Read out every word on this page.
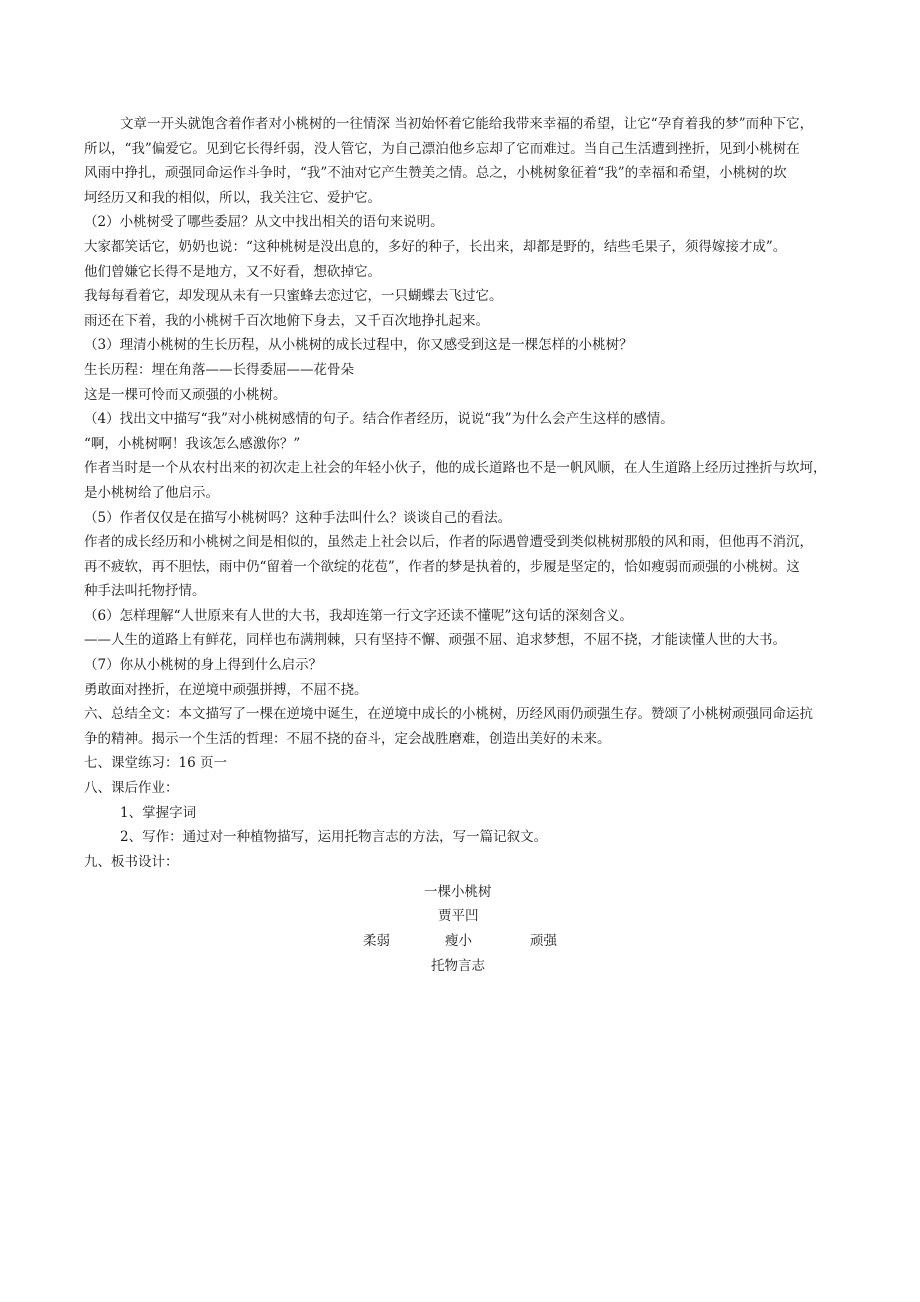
文章一开头就饱含着作者对小桃树的一往情深 当初始怀着它能给我带来幸福的希望，让它“孕育着我的梦”而种下它，
所以，“我”偏爱它。见到它长得纤弱，没人管它，为自己漂泊他乡忘却了它而难过。当自己生活遭到挫折，见到小桃树在
风雨中挣扎，顽强同命运作斗争时，“我”不油对它产生赞美之情。总之，小桃树象征着“我”的幸福和希望，小桃树的坎
坷经历又和我的相似，所以，我关注它、爱护它。
（2）小桃树受了哪些委屈？从文中找出相关的语句来说明。
大家都笑话它，奶奶也说：“这种桃树是没出息的，多好的种子，长出来，却都是野的，结些毛果子，须得嫁接才成”。
他们曾嫌它长得不是地方，又不好看，想砍掉它。
我每每看着它，却发现从未有一只蜜蜂去恋过它，一只蝴蝶去飞过它。
雨还在下着，我的小桃树千百次地俯下身去，又千百次地挣扎起来。
（3）理清小桃树的生长历程，从小桃树的成长过程中，你又感受到这是一棵怎样的小桃树？
生长历程：埋在角落——长得委屈——花骨朵
这是一棵可怜而又顽强的小桃树。
（4）找出文中描写“我”对小桃树感情的句子。结合作者经历，说说“我”为什么会产生这样的感情。
“啊，小桃树啊！我该怎么感激你？”
作者当时是一个从农村出来的初次走上社会的年轻小伙子，他的成长道路也不是一帆风顺，在人生道路上经历过挫折与坎坷，
是小桃树给了他启示。
（5）作者仅仅是在描写小桃树吗？这种手法叫什么？谈谈自己的看法。
作者的成长经历和小桃树之间是相似的，虽然走上社会以后，作者的际遇曾遭受到类似桃树那般的风和雨，但他再不消沉，
再不疲软，再不胆怯，雨中仍“留着一个欲绽的花苞”，作者的梦是执着的，步履是坚定的，恰如瘦弱而顽强的小桃树。这
种手法叫托物抒情。
（6）怎样理解“人世原来有人世的大书，我却连第一行文字还读不懂呢”这句话的深刻含义。
——人生的道路上有鲜花，同样也布满荆棘，只有坚持不懈、顽强不屈、追求梦想，不屈不挠，才能读懂人世的大书。
（7）你从小桃树的身上得到什么启示？
勇敢面对挫折，在逆境中顽强拼搏，不屈不挠。
六、总结全文：本文描写了一棵在逆境中诞生，在逆境中成长的小桃树，历经风雨仍顽强生存。赞颂了小桃树顽强同命运抗
争的精神。揭示一个生活的哲理：不屈不挠的奋斗，定会战胜磨难，创造出美好的未来。
七、课堂练习：16 页一
八、课后作业：
1、掌握字词
2、写作：通过对一种植物描写，运用托物言志的方法，写一篇记叙文。
九、板书设计：
一棵小桃树
贾平凹
柔弱	瘦小	顽强
托物言志
